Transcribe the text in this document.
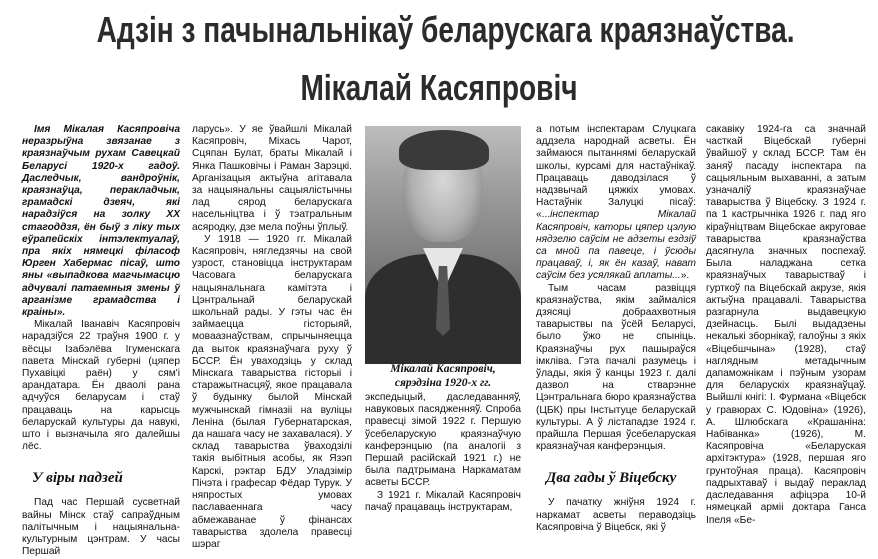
Адзін з пачынальнікаў беларускага краязнаўства.
Мікалай Касяпровіч

Імя Мікалая Касяпровіча неразрыўна звязанае з краязнаўчым рухам Савецкай Беларусі 1920-х гадоў. Даследчык, вандроўнік, краязнаўца, перакладчык, грамадскі дзеяч, які нарадзіўся на золку XX стагоддзя, ён быў з ліку тых еўрапейскіх інтэлектуалаў, пра якіх нямецкі філасоф Юрген Хабермас пісаў, што яны «выпадкова магчымасцю адчувалі патаемныя змены ў арганізме грамадства і краіны».

Мікалай Іванавіч Касяпровіч нарадзіўся 22 траўня 1900 г. у вёсцы Ізабэлёва Ігуменскага павета Мінскай губерні (цяпер Пухавіцкі раён) у сям'і арандатара. Ён дваолі рана адчуўся беларусам і стаў працаваць на карысць беларускай культуры да навукі, што і вызначыла яго далейшы лёс.

У віры падзей

Пад час Першай сусветнай вайны Мінск стаў сапраўдным палітычным і нацыянальна-культурным цэнтрам. У часы Першай

ларусь». У яе ўвайшлі Мікалай Касяпровіч, Міхась Чарот, Сцяпан Булат, браты Мікалай і Янка Пашковічы і Раман Зарэцкі. Арганізацыя актыўна агітавала за нацыянальны сацыялістычны лад сярод беларускага насельніцтва і ў тэатральным асяродку, дзе мела поўны ўплыў.

У 1918 — 1920 гг. Мікалай Касяпровіч, нягледзячы на свой узрост, становіцца інструктарам Часовага беларускага нацыянальнага камітэта і Цэнтральнай беларускай школьнай рады. У гэты час ён займаецца гісторыяй, моваазнаўствам, спрычыняецца да выток краязнаўчага руху ў БССР. Ён уваходзіць у склад Мінскага таварыства гісторыі і старажытнасцяў, якое працавала ў будынку былой Мінскай мужчынскай гімназіі на вуліцы Леніна (былая Губернатарская, да нашага часу не захавалася). У склад таварыства ўваходзілі такія выбітныя асобы, як Язэп Карскі, рэктар БДУ Уладзімір Пічэта і графесар Фёдар Турук. У няпростых умовах паславаеннага часу абмежаванае ў фінансах таварыства здолела правесці шэраг

Мікалай Касяпровіч,
сярэдзіна 1920-х гг.

экспедыцый, даследаванняў, навуковых пасядженняў. Спроба правесці зімой 1922 г. Першую ўсебеларускую краязнаўчую канферэнцыю (па аналогіі з Першай расійскай 1921 г.) не была падтрымана Наркаматам асветы БССР.

З 1921 г. Мікалай Касяпровіч пачаў працаваць інструктарам,

а потым інспектарам Слуцкага аддзела народнай асветы. Ён займаюся пытаннямі беларускай школы, курсамі для настаўнікаў. Працаваць даводзілася ў надзвычай цяжкіх умовах. Настаўнік Залуцкі пісаў: «...інспектар Мікалай Касяпровіч, каторы цяпер цэлую нядзелю саўсім не адзеты ездзіў са мной па павеце, і ўсюды працаваў, і, як ён казаў, нават саўсім без усялякай аплаты...».

Тым часам развіцця краязнаўства, якім займаліся дзясяці добраахвотныя таварыствы па ўсёй Беларусі, было ўжо не спыніць. Краязнаўчы рух пашыраўся імкліва. Гэта пачалі разумець і ўлады, якія ў канцы 1923 г. далі дазвол на стварэнне Цэнтральнага бюро краязнаўства (ЦБК) пры Інстытуце беларускай культуры. А ў лістападзе 1924 г. прайшла Першая ўсебеларуская краязнаўчая канферэнцыя.

Два гады ў Віцебску

У пачатку жніўня 1924 г. наркамат асветы пераводзіць Касяпровіча ў Віцебск, які ў

сакавіку 1924-га са значнай часткай Віцебскай губерні ўвайшоў у склад БССР. Там ён заняў пасаду інспектара па сацыяльным выхаванні, а затым узначаліў краязнаўчае таварыства ў Віцебску. З 1924 г. па 1 кастрычніка 1926 г. пад яго кіраўніцтвам Віцебскае акруговае таварыства краязнаўства дасягнула значных поспехаў. Была наладжана сетка краязнаўчых таварыстваў і гурткоў па Віцебскай акрузе, якія актыўна працавалі. Таварыства разгарнула выдавецкую дзейнасць. Былі выдадзены некалькі зборнікаў, галоўны з якіх «Віцебшчына» (1928), стаў наглядным метадычным дапаможнікам і пэўным узорам для беларускіх краязнаўцаў. Выйшлі кнігі: І. Фурмана «Віцебск у гравюрах С. Юдовіна» (1926), А. Шлюбскага «Крашаніна: Набіванка» (1926), М. Касяпровіча «Беларуская архітэктура» (1928, першая яго грунтоўная праца). Касяпровіч падрыхтаваў і выдаў пераклад даследавання афіцэра 10-й нямецкай арміі доктара Ганса Іпеля «Бе-
